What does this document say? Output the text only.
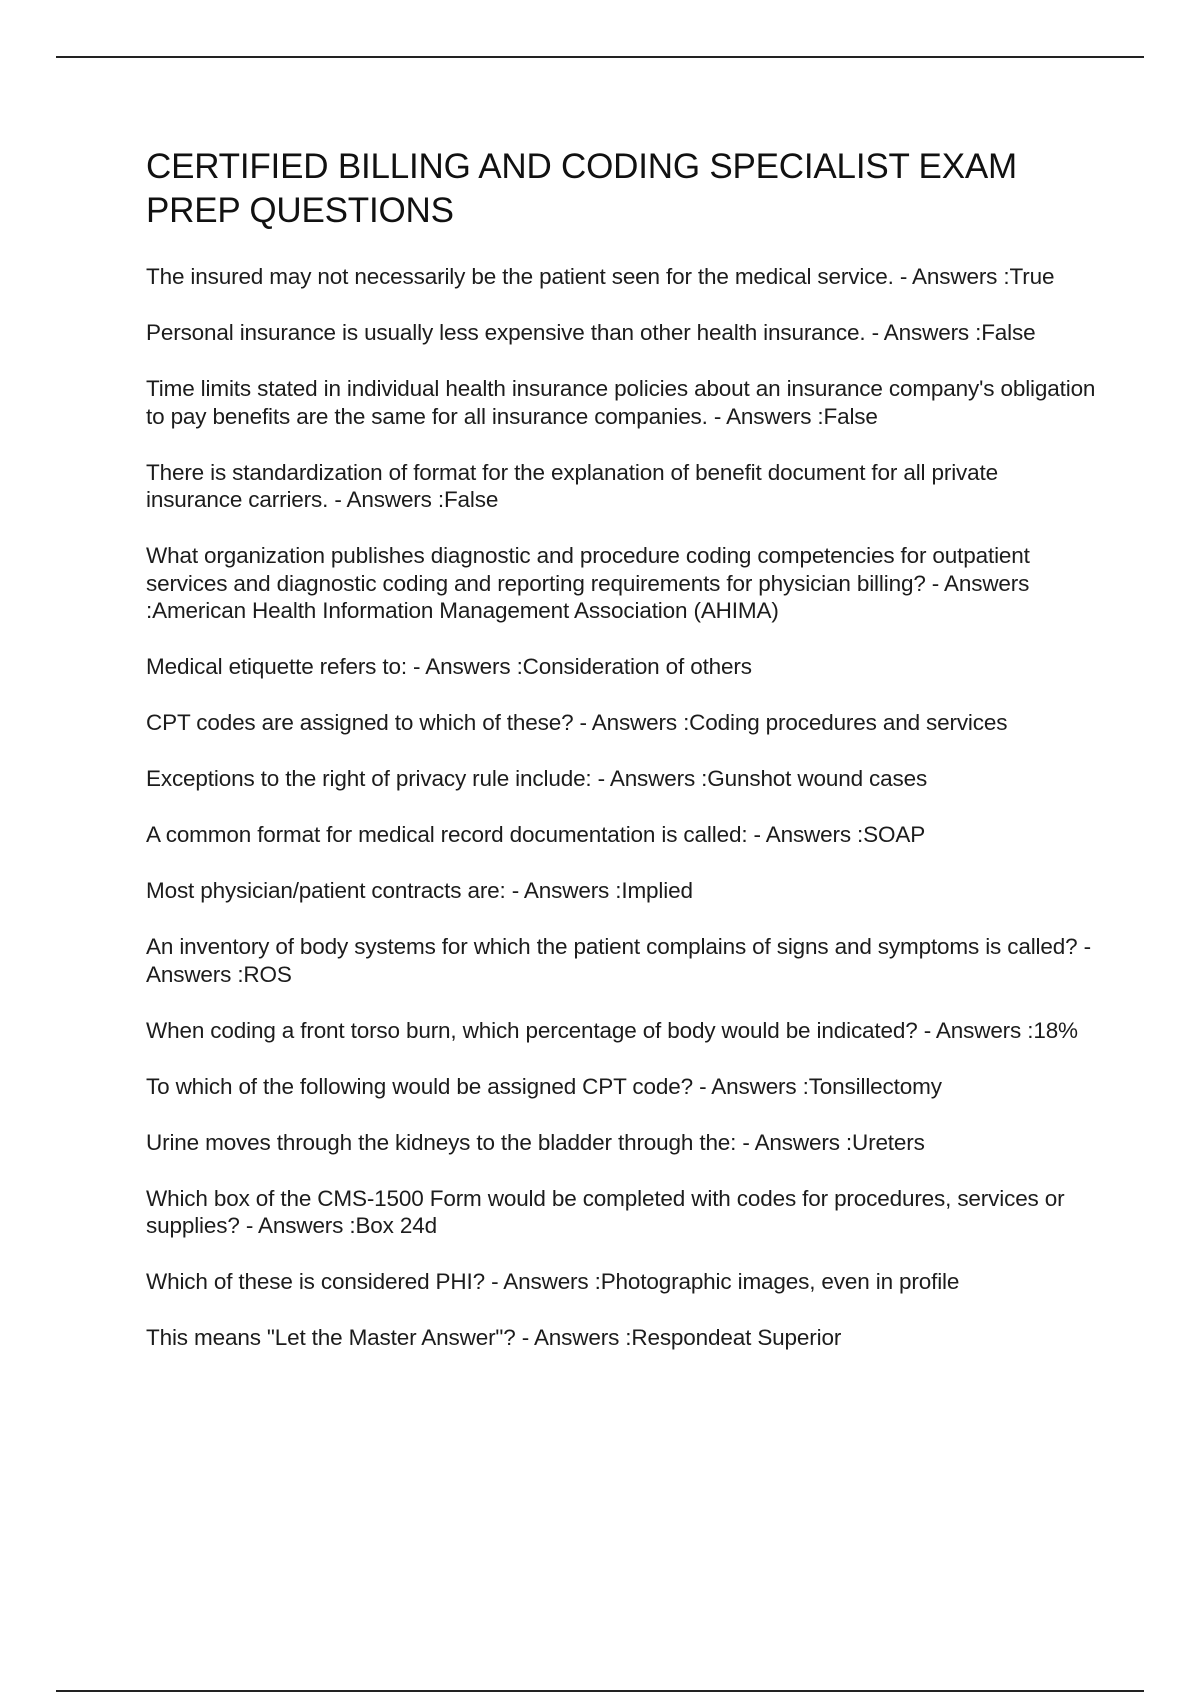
CERTIFIED BILLING AND CODING SPECIALIST EXAM PREP QUESTIONS
The insured may not necessarily be the patient seen for the medical service. - Answers :True
Personal insurance is usually less expensive than other health insurance. - Answers :False
Time limits stated in individual health insurance policies about an insurance company's obligation to pay benefits are the same for all insurance companies. - Answers :False
There is standardization of format for the explanation of benefit document for all private insurance carriers. - Answers :False
What organization publishes diagnostic and procedure coding competencies for outpatient services and diagnostic coding and reporting requirements for physician billing? - Answers :American Health Information Management Association (AHIMA)
Medical etiquette refers to: - Answers :Consideration of others
CPT codes are assigned to which of these? - Answers :Coding procedures and services
Exceptions to the right of privacy rule include: - Answers :Gunshot wound cases
A common format for medical record documentation is called: - Answers :SOAP
Most physician/patient contracts are: - Answers :Implied
An inventory of body systems for which the patient complains of signs and symptoms is called? - Answers :ROS
When coding a front torso burn, which percentage of body would be indicated? - Answers :18%
To which of the following would be assigned CPT code? - Answers :Tonsillectomy
Urine moves through the kidneys to the bladder through the: - Answers :Ureters
Which box of the CMS-1500 Form would be completed with codes for procedures, services or supplies? - Answers :Box 24d
Which of these is considered PHI? - Answers :Photographic images, even in profile
This means "Let the Master Answer"? - Answers :Respondeat Superior
